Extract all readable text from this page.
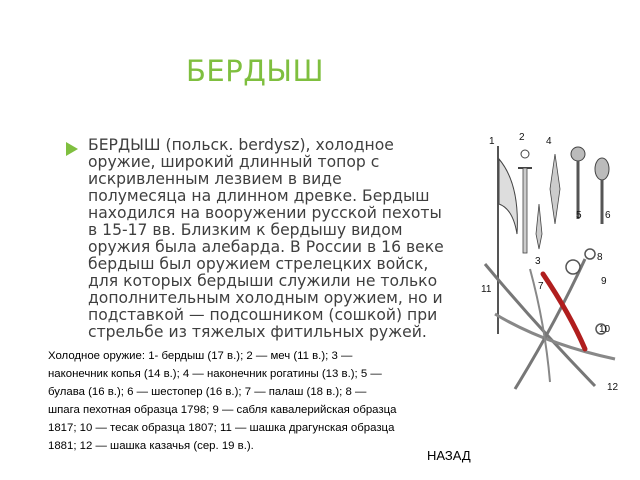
БЕРДЫШ
БЕРДЫШ (польск. berdysz), холодное
оружие, широкий длинный топор с
искривленным лезвием в виде
полумесяца на длинном древке. Бердыш
находился на вооружении русской пехоты
в 15-17 вв. Близким к бердышу видом
оружия была алебарда. В России в 16 веке
бердыш был оружием стрелецких войск,
для которых бердыши служили не только
дополнительным холодным оружием, но и
подставкой — подсошником (сошкой) при
стрельбе из тяжелых фитильных ружей.
1 2
3
4
5 6
7
8
9
10
11
12
Холодное оружие: 1- бердыш (17 в.); 2 — меч (11 в.); 3 —
наконечник копья (14 в.); 4 — наконечник рогатины (13 в.); 5 —
булава (16 в.); 6 — шестопер (16 в.); 7 — палаш (18 в.); 8 —
шпага пехотная образца 1798; 9 — сабля кавалерийская образца
1817; 10 — тесак образца 1807; 11 — шашка драгунская образца
1881; 12 — шашка казачья (сер. 19 в.).
НАЗАД
